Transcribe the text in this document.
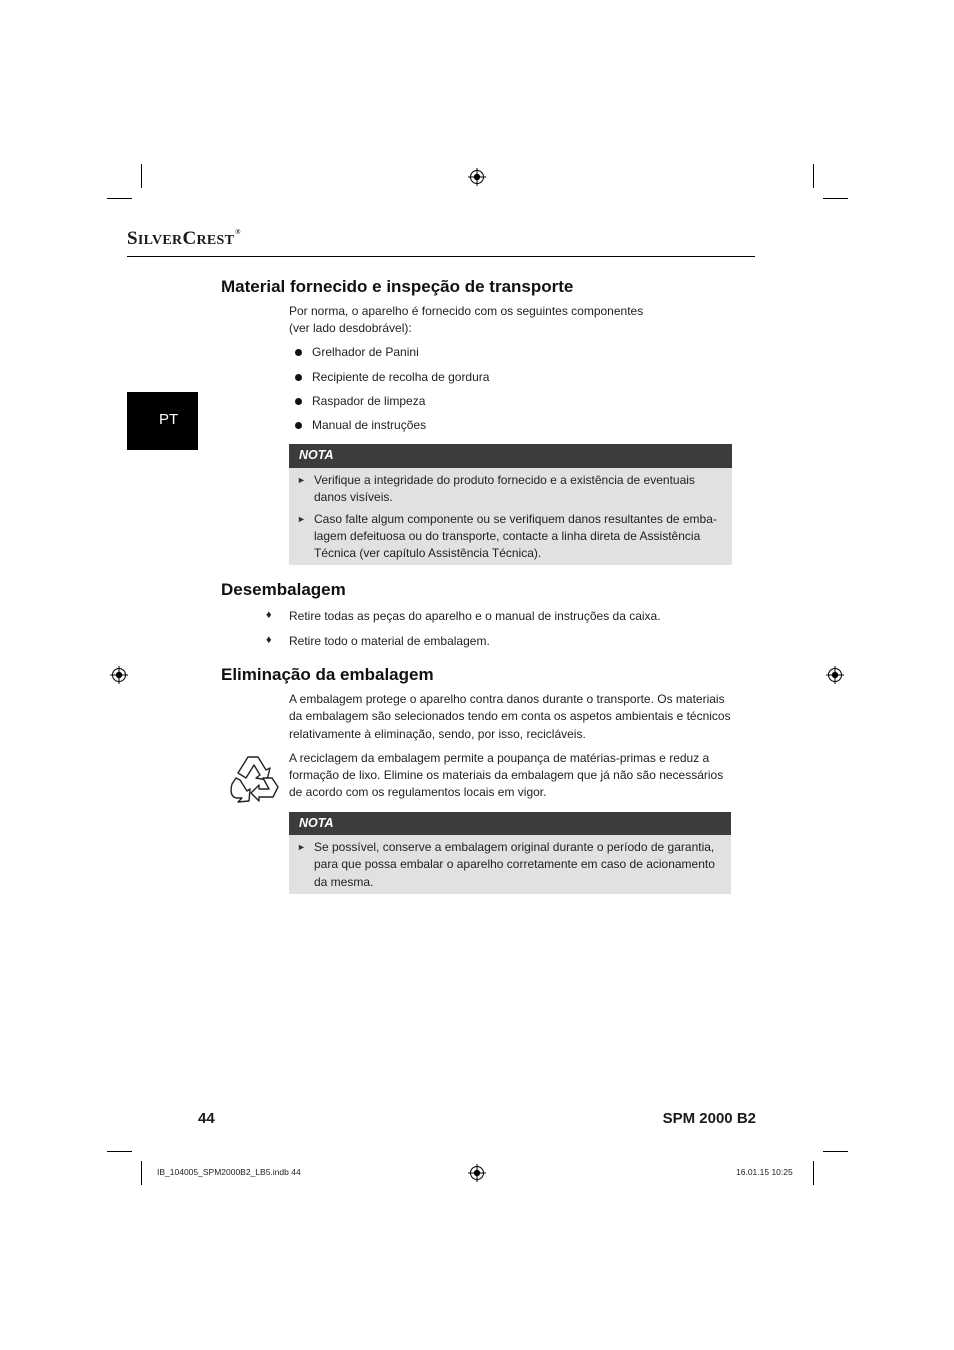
SILVERCREST®
PT
Material fornecido e inspeção de transporte
Por norma, o aparelho é fornecido com os seguintes componentes
(ver lado desdobrável):
Grelhador de Panini
Recipiente de recolha de gordura
Raspador de limpeza
Manual de instruções
NOTA
► Verifique a integridade do produto fornecido e a existência de eventuais
danos visíveis.
► Caso falte algum componente ou se verifiquem danos resultantes de emba-
lagem defeituosa ou do transporte, contacte a linha direta de Assistência
Técnica (ver capítulo Assistência Técnica).
Desembalagem
♦ Retire todas as peças do aparelho e o manual de instruções da caixa.
♦ Retire todo o material de embalagem.
Eliminação da embalagem
A embalagem protege o aparelho contra danos durante o transporte. Os materiais
da embalagem são selecionados tendo em conta os aspetos ambientais e técnicos
relativamente à eliminação, sendo, por isso, recicláveis.
A reciclagem da embalagem permite a poupança de matérias-primas e reduz a
formação de lixo. Elimine os materiais da embalagem que já não são necessários
de acordo com os regulamentos locais em vigor.
NOTA
► Se possível, conserve a embalagem original durante o período de garantia,
para que possa embalar o aparelho corretamente em caso de acionamento
da mesma.
44	SPM 2000 B2
IB_104005_SPM2000B2_LB5.indb 44	16.01.15 10:25
